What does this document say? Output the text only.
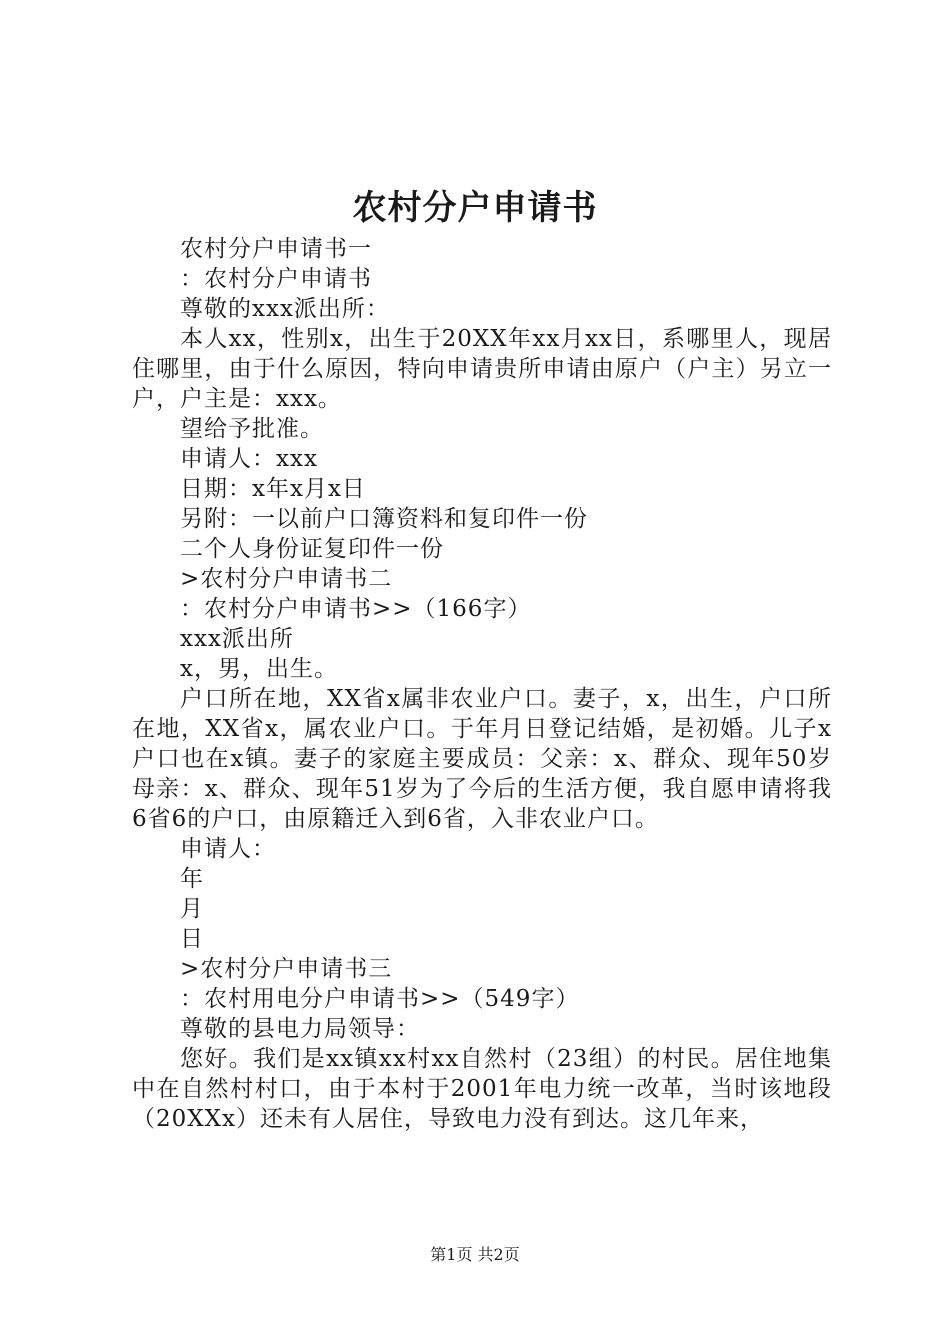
农村分户申请书

农村分户申请书一

：农村分户申请书

尊敬的xxx派出所：

本人xx，性别x，出生于20XX年xx月xx日，系哪里人，现居住哪里，由于什么原因，特向申请贵所申请由原户（户主）另立一户，户主是：xxx。

望给予批准。

申请人：xxx

日期：x年x月x日

另附：一以前户口簿资料和复印件一份

二个人身份证复印件一份

>农村分户申请书二

：农村分户申请书>>（166字）

xxx派出所

x，男，出生。

户口所在地，XX省x属非农业户口。妻子，x，出生，户口所在地，XX省x，属农业户口。于年月日登记结婚，是初婚。儿子x户口也在x镇。妻子的家庭主要成员：父亲：x、群众、现年50岁母亲：x、群众、现年51岁为了今后的生活方便，我自愿申请将我6省6的户口，由原籍迁入到6省，入非农业户口。

申请人：

年

月

日

>农村分户申请书三

：农村用电分户申请书>>（549字）

尊敬的县电力局领导：

您好。我们是xx镇xx村xx自然村（23组）的村民。居住地集中在自然村村口，由于本村于2001年电力统一改革，当时该地段（20XXx）还未有人居住，导致电力没有到达。这几年来，

第1页 共2页
